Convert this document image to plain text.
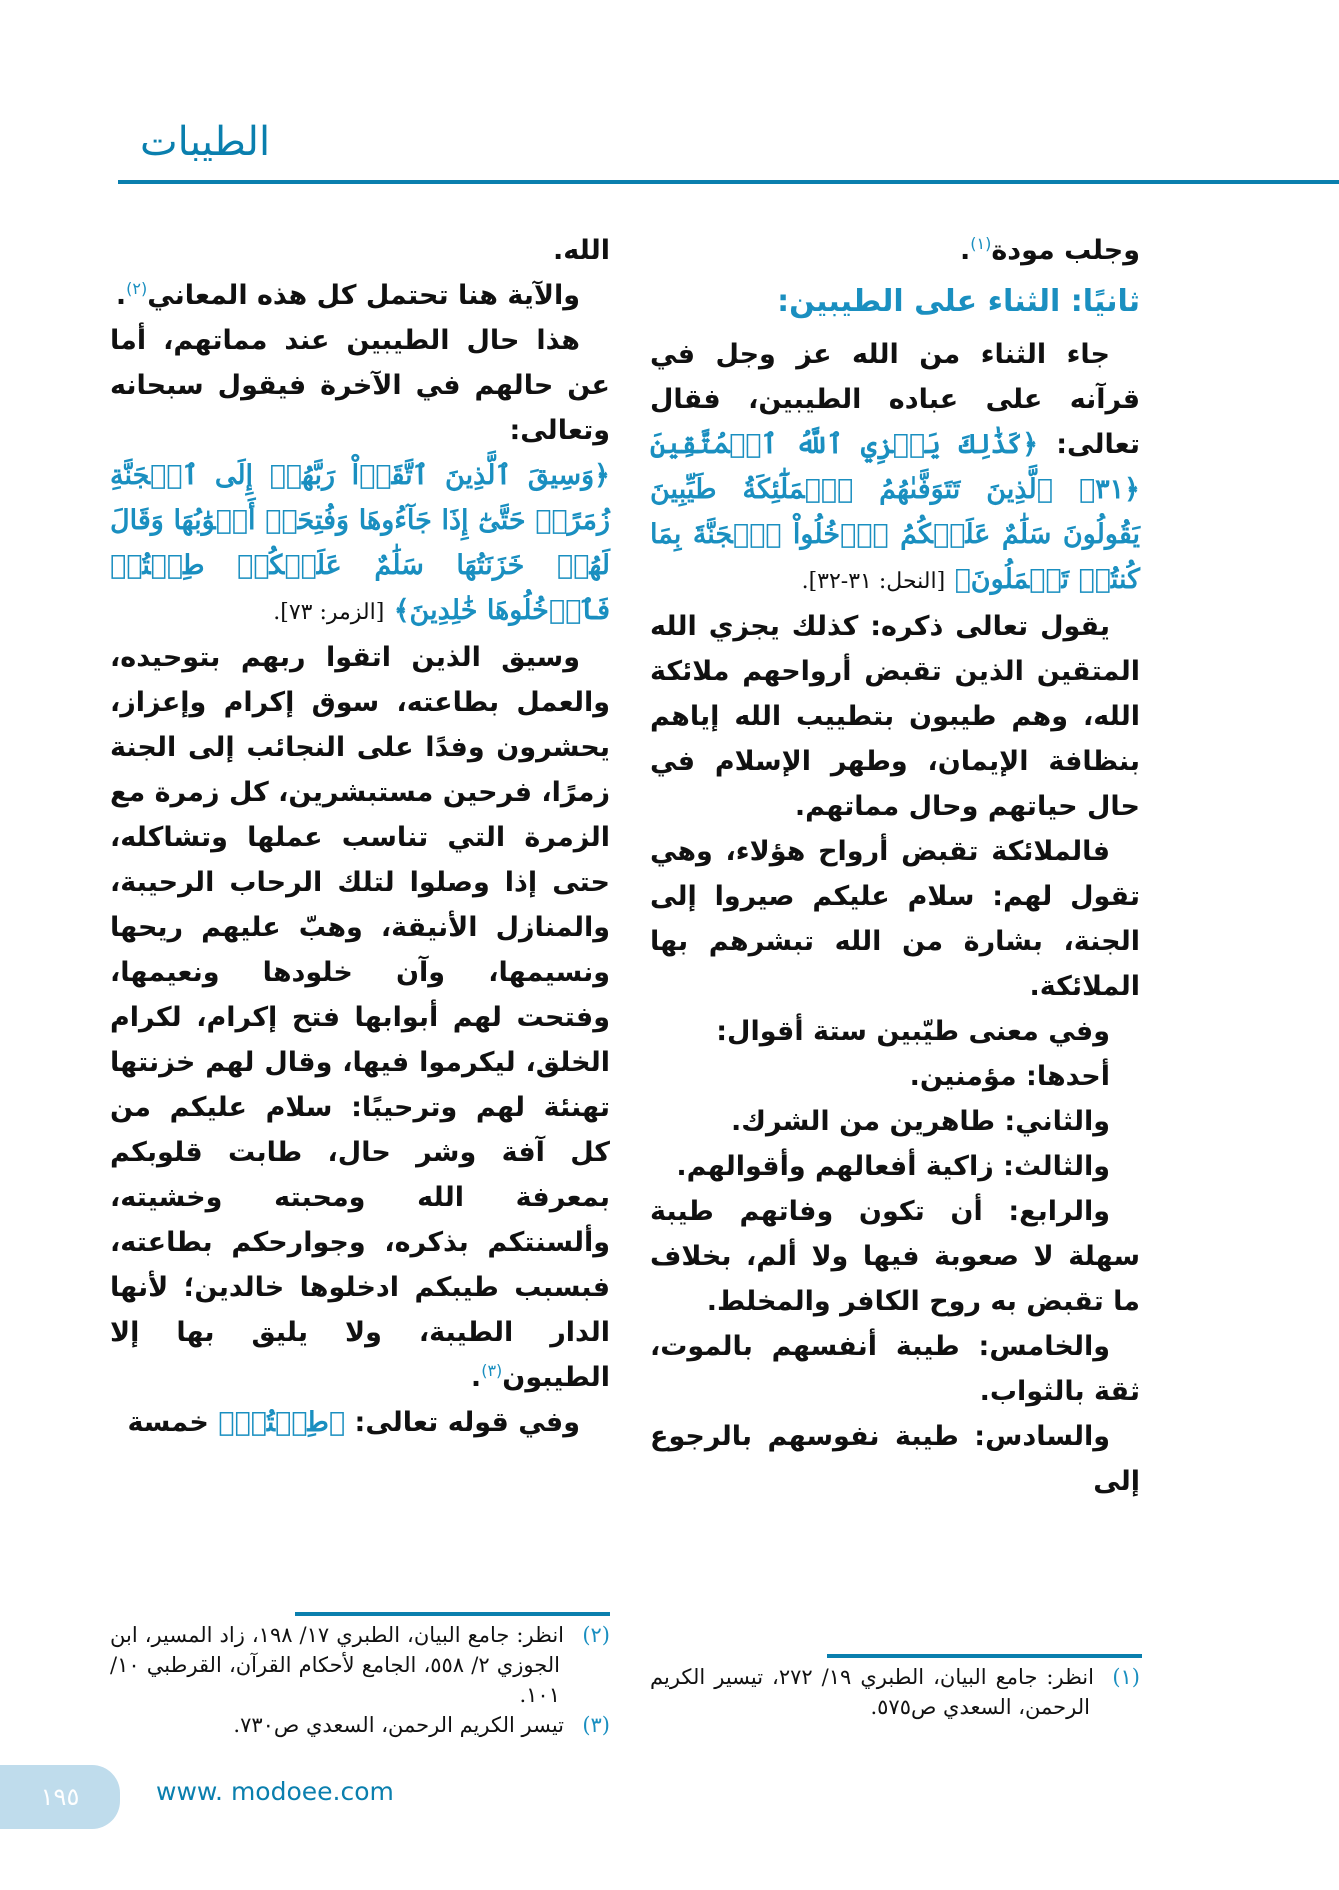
الطيبات

وجلب مودة$^{(١)}$.

ثانيًا: الثناء على الطيبين:

جاء الثناء من الله عز وجل في قرآنه على عباده الطيبين، فقال تعالى: ﴿كَذَٰلِكَ يَجۡزِي ٱللَّهُ ٱلۡمُتَّقِينَ ﴿٣١﴾ ٱلَّذِينَ تَتَوَفَّىٰهُمُ ٱلۡمَلَٰٓئِكَةُ طَيِّبِينَ يَقُولُونَ سَلَٰمٌ عَلَيۡكُمُ ٱدۡخُلُواْ ٱلۡجَنَّةَ بِمَا كُنتُمۡ تَعۡمَلُونَ﴾ [النحل: ٣١-٣٢].

يقول تعالى ذكره: كذلك يجزي الله المتقين الذين تقبض أرواحهم ملائكة الله، وهم طيبون بتطييب الله إياهم بنظافة الإيمان، وطهر الإسلام في حال حياتهم وحال مماتهم.

فالملائكة تقبض أرواح هؤلاء، وهي تقول لهم: سلام عليكم صيروا إلى الجنة، بشارة من الله تبشرهم بها الملائكة.

وفي معنى طيّبين ستة أقوال:

أحدها: مؤمنين.

والثاني: طاهرين من الشرك.

والثالث: زاكية أفعالهم وأقوالهم.

والرابع: أن تكون وفاتهم طيبة سهلة لا صعوبة فيها ولا ألم، بخلاف ما تقبض به روح الكافر والمخلط.

والخامس: طيبة أنفسهم بالموت، ثقة بالثواب.

والسادس: طيبة نفوسهم بالرجوع إلى

الله.

والآية هنا تحتمل كل هذه المعاني$^{(٢)}$.

هذا حال الطيبين عند مماتهم، أما عن حالهم في الآخرة فيقول سبحانه وتعالى:

﴿وَسِيقَ ٱلَّذِينَ ٱتَّقَوۡاْ رَبَّهُمۡ إِلَى ٱلۡجَنَّةِ زُمَرًاۖ حَتَّىٰٓ إِذَا جَآءُوهَا وَفُتِحَتۡ أَبۡوَٰبُهَا وَقَالَ لَهُمۡ خَزَنَتُهَا سَلَٰمٌ عَلَيۡكُمۡ طِبۡتُمۡ فَٱدۡخُلُوهَا خَٰلِدِينَ﴾ [الزمر: ٧٣].

وسيق الذين اتقوا ربهم بتوحيده، والعمل بطاعته، سوق إكرام وإعزاز، يحشرون وفدًا على النجائب إلى الجنة زمرًا، فرحين مستبشرين، كل زمرة مع الزمرة التي تناسب عملها وتشاكله، حتى إذا وصلوا لتلك الرحاب الرحيبة، والمنازل الأنيقة، وهبّ عليهم ريحها ونسيمها، وآن خلودها ونعيمها، وفتحت لهم أبوابها فتح إكرام، لكرام الخلق، ليكرموا فيها، وقال لهم خزنتها تهنئة لهم وترحيبًا: سلام عليكم من كل آفة وشر حال، طابت قلوبكم بمعرفة الله ومحبته وخشيته، وألسنتكم بذكره، وجوارحكم بطاعته، فبسبب طيبكم ادخلوها خالدين؛ لأنها الدار الطيبة، ولا يليق بها إلا الطيبون$^{(٣)}$.

وفي قوله تعالى: ﴿طِبۡتُمۡ﴾ خمسة

(٢)انظر: جامع البيان، الطبري ١٧/ ١٩٨، زاد المسير، ابن الجوزي ٢/ ٥٥٨، الجامع لأحكام القرآن، القرطبي ١٠/ ١٠١.

(٣)تيسر الكريم الرحمن، السعدي ص٧٣٠.

(١)انظر: جامع البيان، الطبري ١٩/ ٢٧٢، تيسير الكريم الرحمن، السعدي ص٥٧٥.

١٩٥	www. modoee.com
